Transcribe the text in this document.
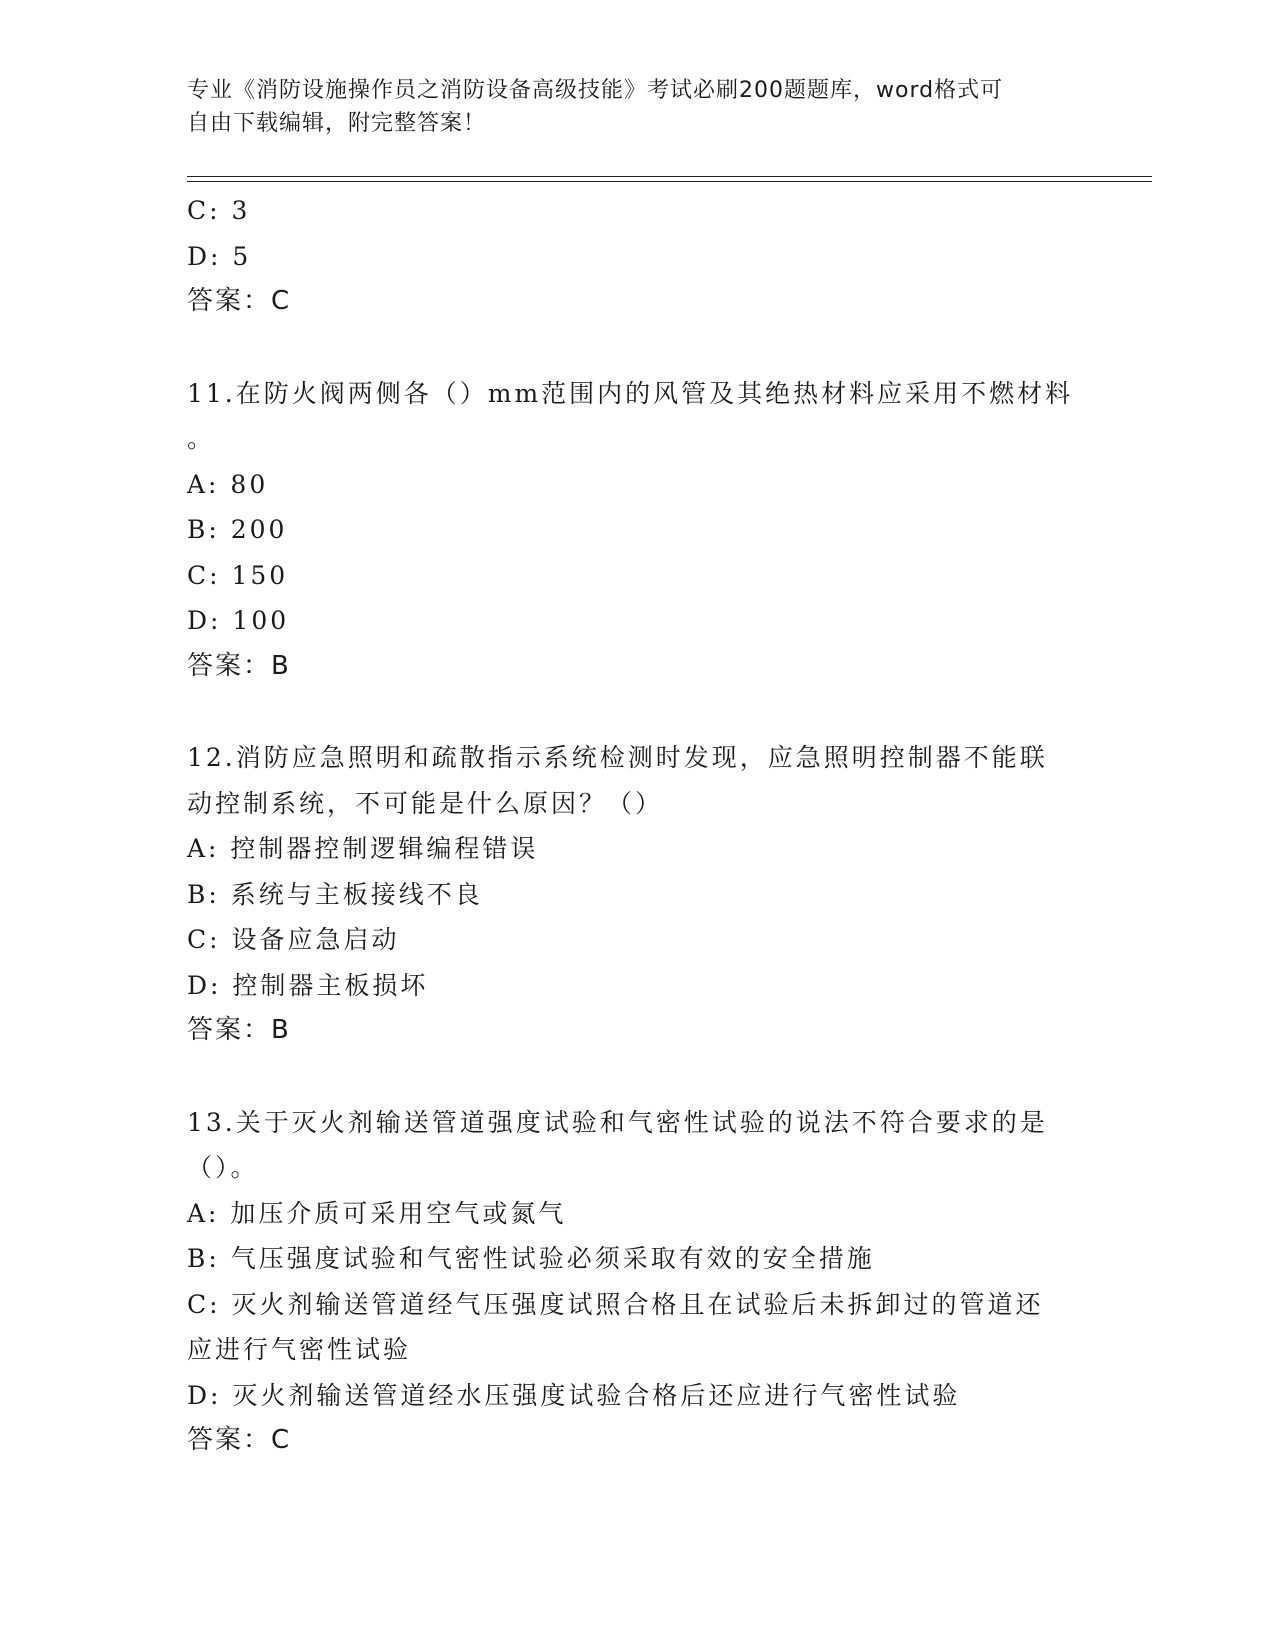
专业《消防设施操作员之消防设备高级技能》考试必刷200题题库，word格式可
自由下载编辑，附完整答案！
C: 3
D: 5
答案：C
11.在防火阀两侧各（）mm范围内的风管及其绝热材料应采用不燃材料
。
A: 80
B: 200
C: 150
D: 100
答案：B
12.消防应急照明和疏散指示系统检测时发现，应急照明控制器不能联
动控制系统，不可能是什么原因？（）
A: 控制器控制逻辑编程错误
B: 系统与主板接线不良
C: 设备应急启动
D: 控制器主板损坏
答案：B
13.关于灭火剂输送管道强度试验和气密性试验的说法不符合要求的是
（）。
A: 加压介质可采用空气或氮气
B: 气压强度试验和气密性试验必须采取有效的安全措施
C: 灭火剂输送管道经气压强度试照合格且在试验后未拆卸过的管道还
应进行气密性试验
D: 灭火剂输送管道经水压强度试验合格后还应进行气密性试验
答案：C
